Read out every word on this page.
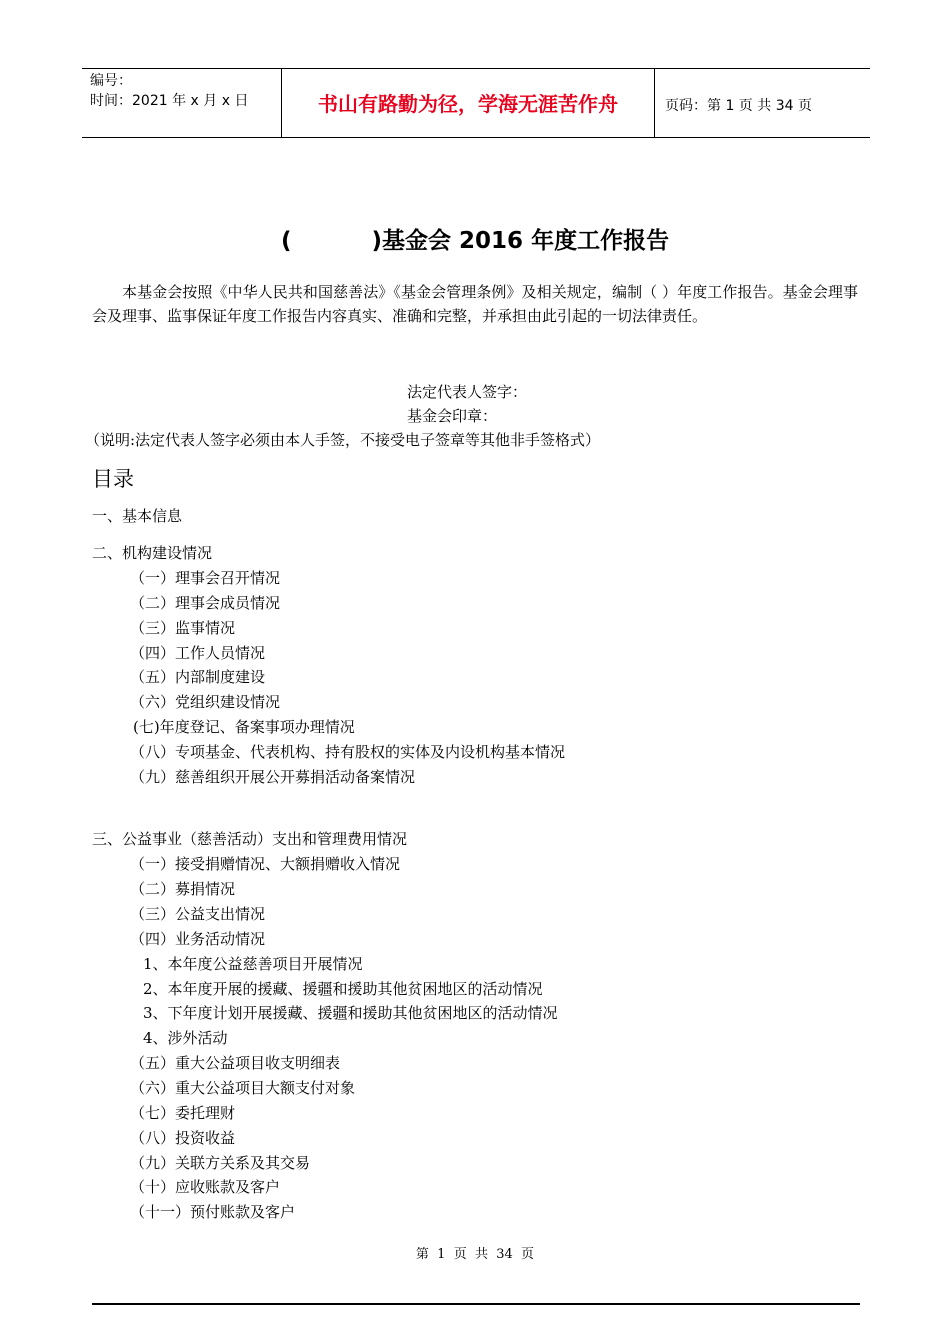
编号：
时间：2021 年 x 月 x 日	书山有路勤为径，学海无涯苦作舟	页码：第 1 页 共 34 页
(          )基金会 2016 年度工作报告
本基金会按照《中华人民共和国慈善法》《基金会管理条例》及相关规定，编制（ ）年度工作报告。基金会理事会及理事、监事保证年度工作报告内容真实、准确和完整，并承担由此引起的一切法律责任。
法定代表人签字：
基金会印章：
（说明:法定代表人签字必须由本人手签，不接受电子签章等其他非手签格式）
目录
一、基本信息
二、机构建设情况
（一）理事会召开情况
（二）理事会成员情况
（三）监事情况
（四）工作人员情况
（五）内部制度建设
（六）党组织建设情况
(七)年度登记、备案事项办理情况
（八）专项基金、代表机构、持有股权的实体及内设机构基本情况
（九）慈善组织开展公开募捐活动备案情况
三、公益事业（慈善活动）支出和管理费用情况
（一）接受捐赠情况、大额捐赠收入情况
（二）募捐情况
（三）公益支出情况
（四）业务活动情况
1、本年度公益慈善项目开展情况
2、本年度开展的援藏、援疆和援助其他贫困地区的活动情况
3、下年度计划开展援藏、援疆和援助其他贫困地区的活动情况
4、涉外活动
（五）重大公益项目收支明细表
（六）重大公益项目大额支付对象
（七）委托理财
（八）投资收益
（九）关联方关系及其交易
（十）应收账款及客户
（十一）预付账款及客户
第  1  页  共  34  页
